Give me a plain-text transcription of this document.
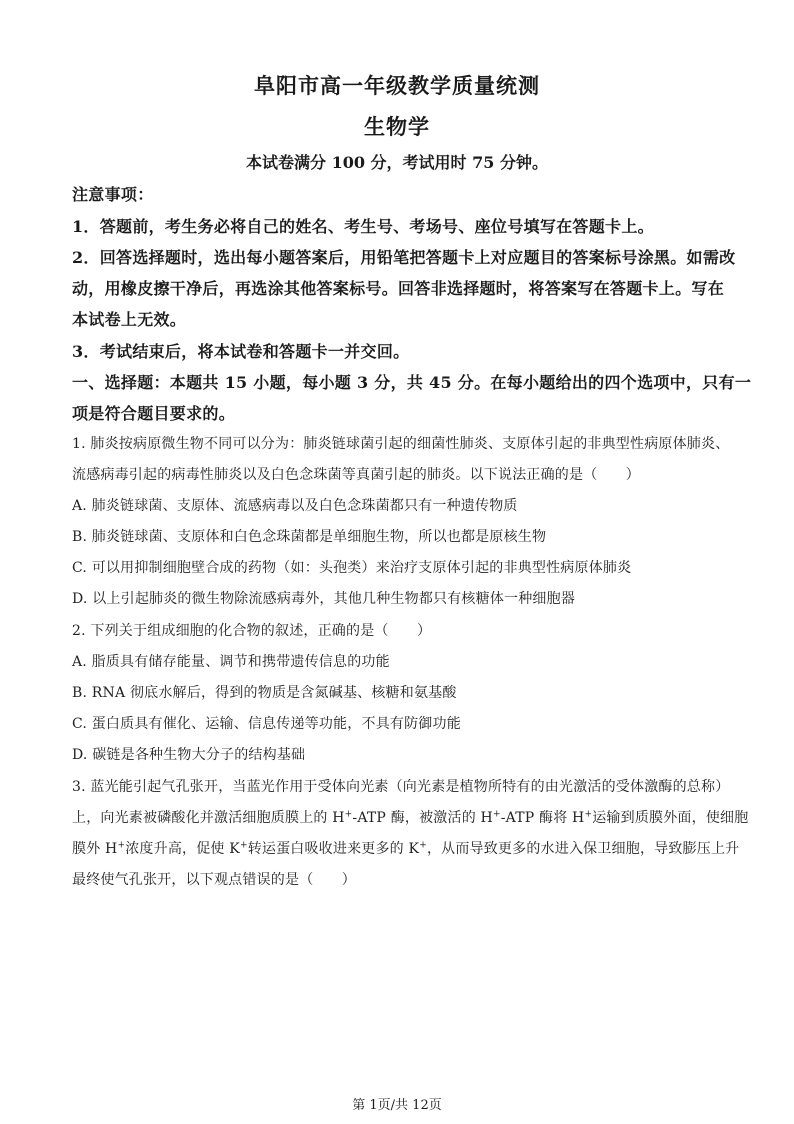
阜阳市高一年级教学质量统测
生物学
本试卷满分 100 分，考试用时 75 分钟。
注意事项：
1．答题前，考生务必将自己的姓名、考生号、考场号、座位号填写在答题卡上。
2．回答选择题时，选出每小题答案后，用铅笔把答题卡上对应题目的答案标号涂黑。如需改
动，用橡皮擦干净后，再选涂其他答案标号。回答非选择题时，将答案写在答题卡上。写在
本试卷上无效。
3．考试结束后，将本试卷和答题卡一并交回。
一、选择题：本题共 15 小题，每小题 3 分，共 45 分。在每小题给出的四个选项中，只有一
项是符合题目要求的。
1. 肺炎按病原微生物不同可以分为：肺炎链球菌引起的细菌性肺炎、支原体引起的非典型性病原体肺炎、
流感病毒引起的病毒性肺炎以及白色念珠菌等真菌引起的肺炎。以下说法正确的是（　　）
A. 肺炎链球菌、支原体、流感病毒以及白色念珠菌都只有一种遗传物质
B. 肺炎链球菌、支原体和白色念珠菌都是单细胞生物，所以也都是原核生物
C. 可以用抑制细胞壁合成的药物（如：头孢类）来治疗支原体引起的非典型性病原体肺炎
D. 以上引起肺炎的微生物除流感病毒外，其他几种生物都只有核糖体一种细胞器
2. 下列关于组成细胞的化合物的叙述，正确的是（　　）
A. 脂质具有储存能量、调节和携带遗传信息的功能
B. RNA 彻底水解后，得到的物质是含氮碱基、核糖和氨基酸
C. 蛋白质具有催化、运输、信息传递等功能，不具有防御功能
D. 碳链是各种生物大分子的结构基础
3. 蓝光能引起气孔张开，当蓝光作用于受体向光素（向光素是植物所特有的由光激活的受体激酶的总称）
上，向光素被磷酸化并激活细胞质膜上的 H+-ATP 酶，被激活的 H+-ATP 酶将 H+运输到质膜外面，使细胞
膜外 H+浓度升高，促使 K+转运蛋白吸收进来更多的 K+，从而导致更多的水进入保卫细胞，导致膨压上升
最终使气孔张开，以下观点错误的是（　　）
第 1页/共 12页
